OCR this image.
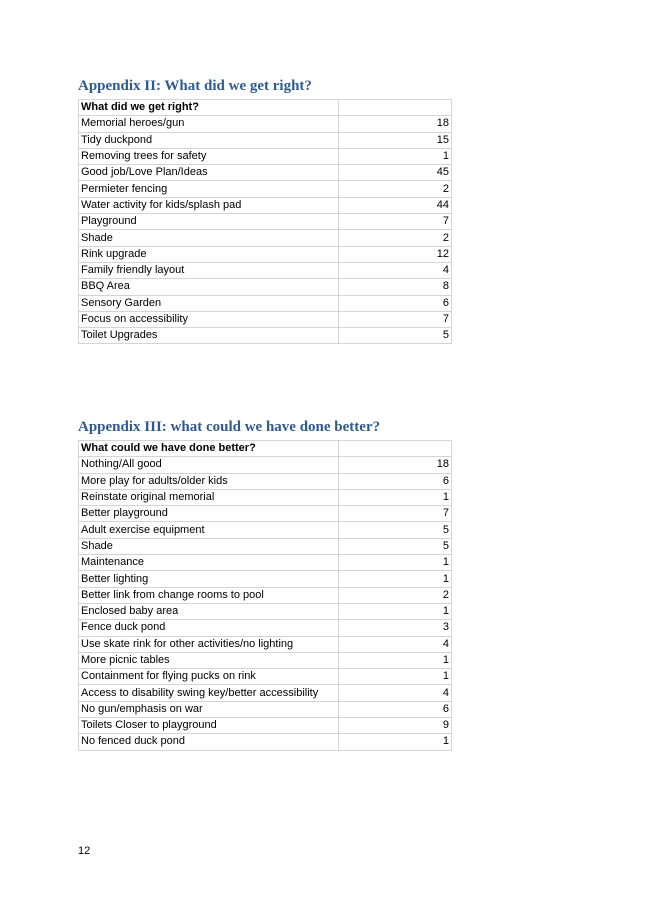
Appendix II: What did we get right?
What did we get right?	
Memorial heroes/gun	18
Tidy duckpond	15
Removing trees for safety	1
Good job/Love Plan/Ideas	45
Permieter fencing	2
Water activity for kids/splash pad	44
Playground	7
Shade	2
Rink upgrade	12
Family friendly layout	4
BBQ Area	8
Sensory Garden	6
Focus on accessibility	7
Toilet Upgrades	5
Appendix III: what could we have done better?
What could we have done better?	
Nothing/All good	18
More play for adults/older kids	6
Reinstate original memorial	1
Better playground	7
Adult exercise equipment	5
Shade	5
Maintenance	1
Better lighting	1
Better link from change rooms to pool	2
Enclosed baby area	1
Fence duck pond	3
Use skate rink for other activities/no lighting	4
More picnic tables	1
Containment for flying pucks on rink	1
Access to disability swing key/better accessibility	4
No gun/emphasis on war	6
Toilets Closer to playground	9
No fenced duck pond	1
12
